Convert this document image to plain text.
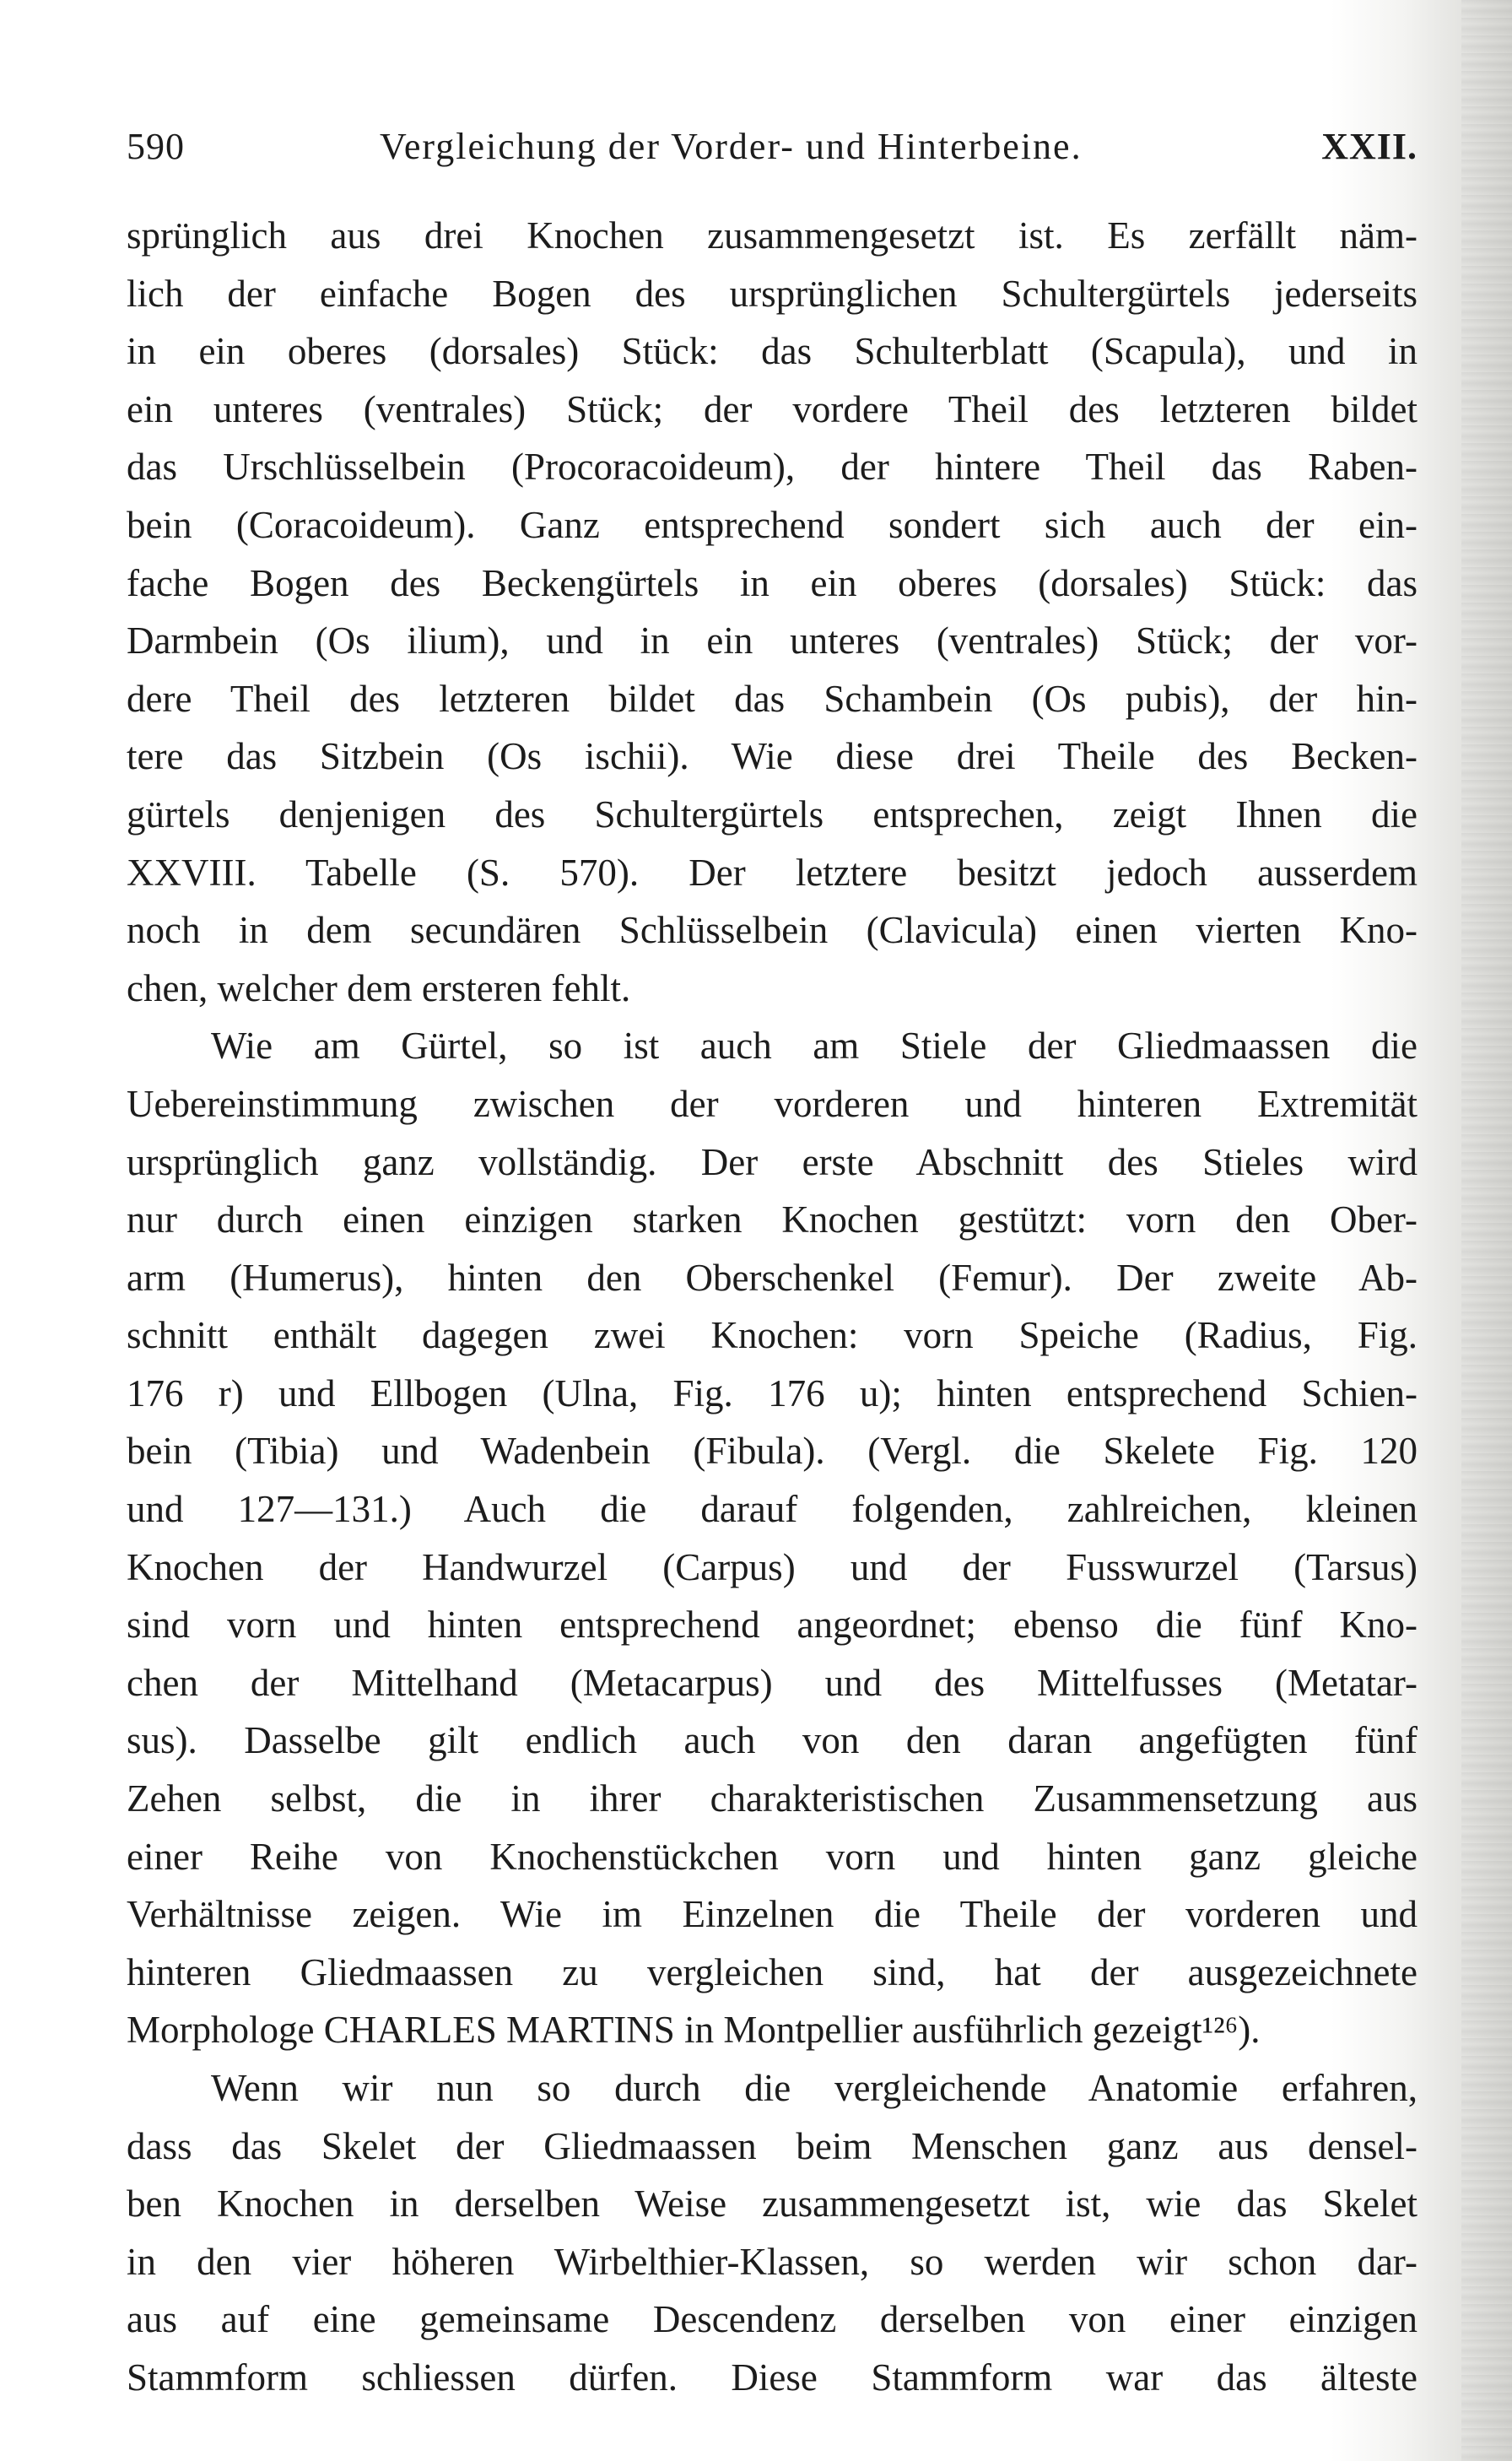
590	Vergleichung der Vorder- und Hinterbeine.	XXII.
sprünglich aus drei Knochen zusammengesetzt ist. Es zerfällt näm-
lich der einfache Bogen des ursprünglichen Schultergürtels jederseits
in ein oberes (dorsales) Stück: das Schulterblatt (Scapula), und in
ein unteres (ventrales) Stück; der vordere Theil des letzteren bildet
das Urschlüsselbein (Procoracoideum), der hintere Theil das Raben-
bein (Coracoideum). Ganz entsprechend sondert sich auch der ein-
fache Bogen des Beckengürtels in ein oberes (dorsales) Stück: das
Darmbein (Os ilium), und in ein unteres (ventrales) Stück; der vor-
dere Theil des letzteren bildet das Schambein (Os pubis), der hin-
tere das Sitzbein (Os ischii). Wie diese drei Theile des Becken-
gürtels denjenigen des Schultergürtels entsprechen, zeigt Ihnen die
XXVIII. Tabelle (S. 570). Der letztere besitzt jedoch ausserdem
noch in dem secundären Schlüsselbein (Clavicula) einen vierten Kno-
chen, welcher dem ersteren fehlt.
Wie am Gürtel, so ist auch am Stiele der Gliedmaassen die
Uebereinstimmung zwischen der vorderen und hinteren Extremität
ursprünglich ganz vollständig. Der erste Abschnitt des Stieles wird
nur durch einen einzigen starken Knochen gestützt: vorn den Ober-
arm (Humerus), hinten den Oberschenkel (Femur). Der zweite Ab-
schnitt enthält dagegen zwei Knochen: vorn Speiche (Radius, Fig.
176 r) und Ellbogen (Ulna, Fig. 176 u); hinten entsprechend Schien-
bein (Tibia) und Wadenbein (Fibula). (Vergl. die Skelete Fig. 120
und 127—131.) Auch die darauf folgenden, zahlreichen, kleinen
Knochen der Handwurzel (Carpus) und der Fusswurzel (Tarsus)
sind vorn und hinten entsprechend angeordnet; ebenso die fünf Kno-
chen der Mittelhand (Metacarpus) und des Mittelfusses (Metatar-
sus). Dasselbe gilt endlich auch von den daran angefügten fünf
Zehen selbst, die in ihrer charakteristischen Zusammensetzung aus
einer Reihe von Knochenstückchen vorn und hinten ganz gleiche
Verhältnisse zeigen. Wie im Einzelnen die Theile der vorderen und
hinteren Gliedmaassen zu vergleichen sind, hat der ausgezeichnete
Morphologe CHARLES MARTINS in Montpellier ausführlich gezeigt¹²⁶).
Wenn wir nun so durch die vergleichende Anatomie erfahren,
dass das Skelet der Gliedmaassen beim Menschen ganz aus densel-
ben Knochen in derselben Weise zusammengesetzt ist, wie das Skelet
in den vier höheren Wirbelthier-Klassen, so werden wir schon dar-
aus auf eine gemeinsame Descendenz derselben von einer einzigen
Stammform schliessen dürfen. Diese Stammform war das älteste
